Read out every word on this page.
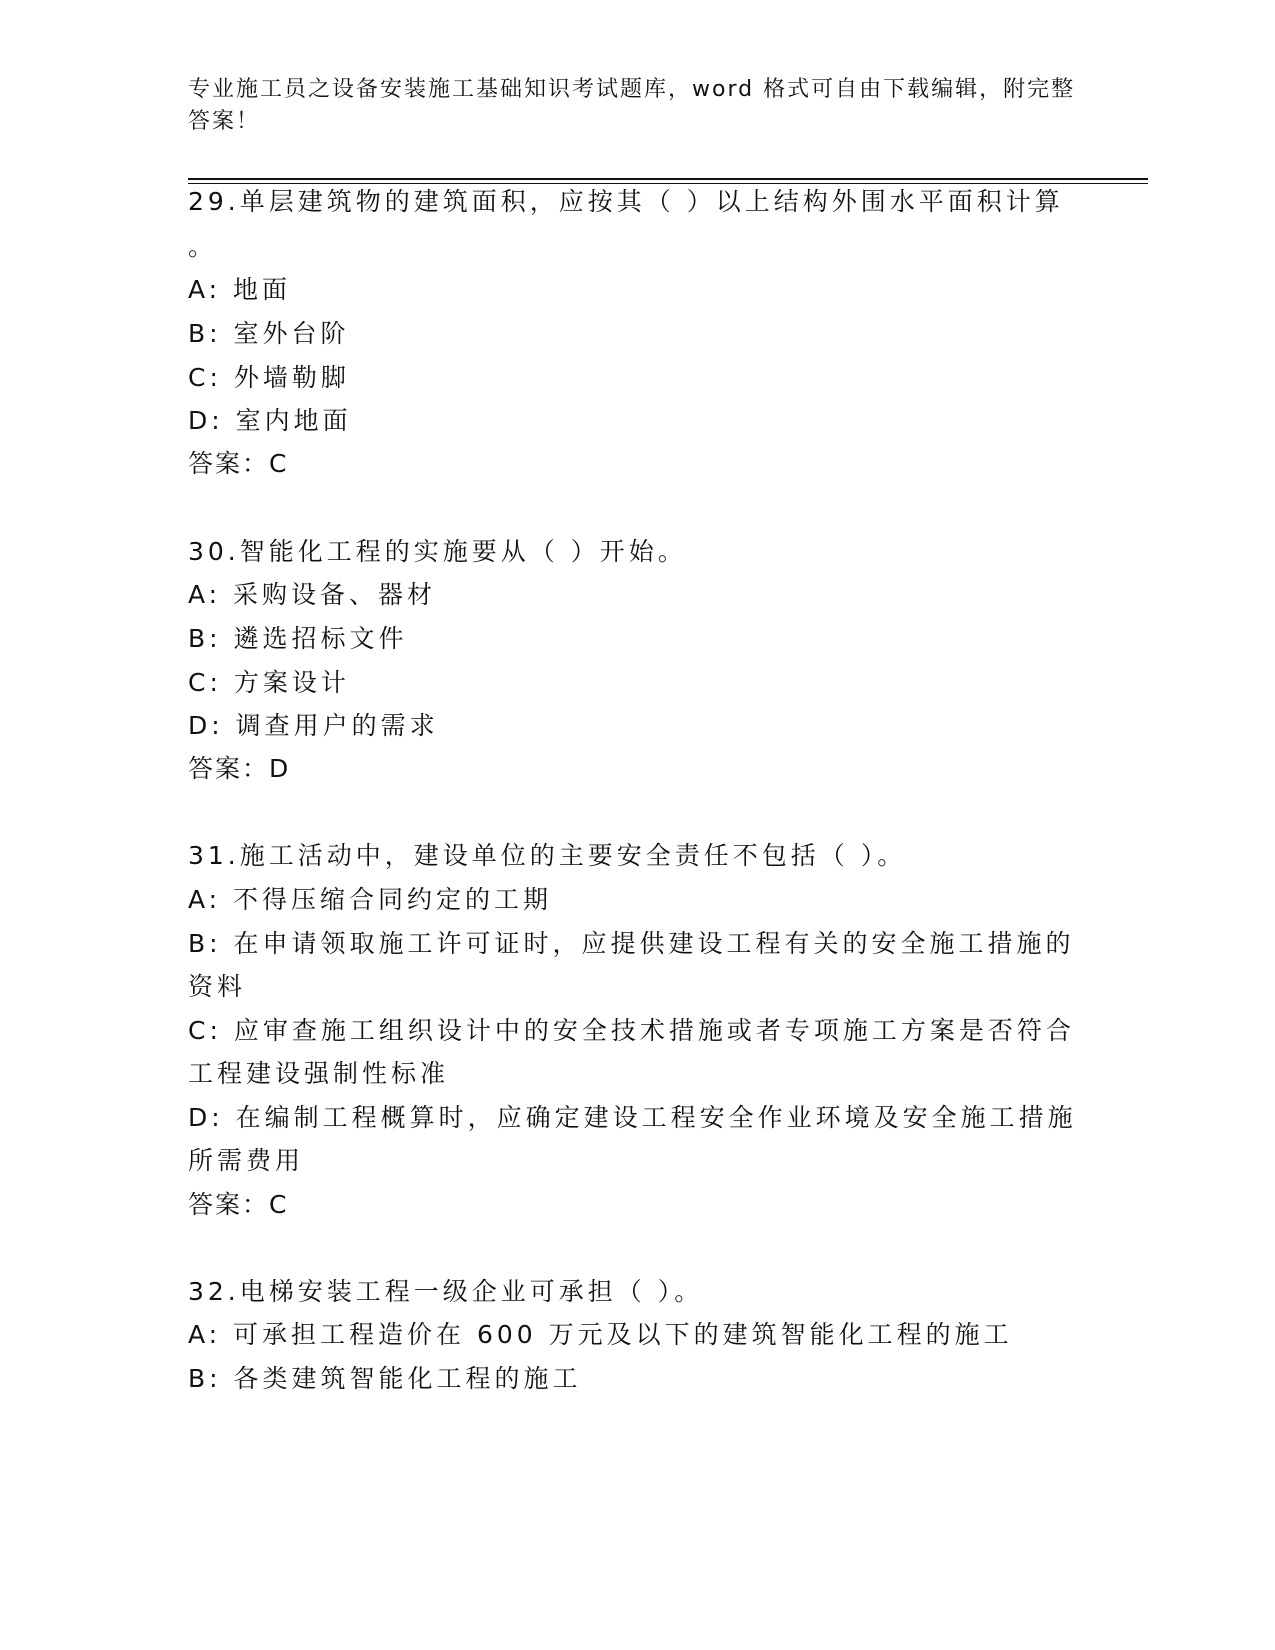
专业施工员之设备安装施工基础知识考试题库，word 格式可自由下载编辑，附完整答案！
29.单层建筑物的建筑面积，应按其（ ）以上结构外围水平面积计算
。
A: 地面
B: 室外台阶
C: 外墙勒脚
D: 室内地面
答案：C
30.智能化工程的实施要从（ ）开始。
A: 采购设备、器材
B: 遴选招标文件
C: 方案设计
D: 调查用户的需求
答案：D
31.施工活动中，建设单位的主要安全责任不包括（ ）。
A: 不得压缩合同约定的工期
B: 在申请领取施工许可证时，应提供建设工程有关的安全施工措施的
资料
C: 应审查施工组织设计中的安全技术措施或者专项施工方案是否符合
工程建设强制性标准
D: 在编制工程概算时，应确定建设工程安全作业环境及安全施工措施
所需费用
答案：C
32.电梯安装工程一级企业可承担（ ）。
A: 可承担工程造价在 600 万元及以下的建筑智能化工程的施工
B: 各类建筑智能化工程的施工
